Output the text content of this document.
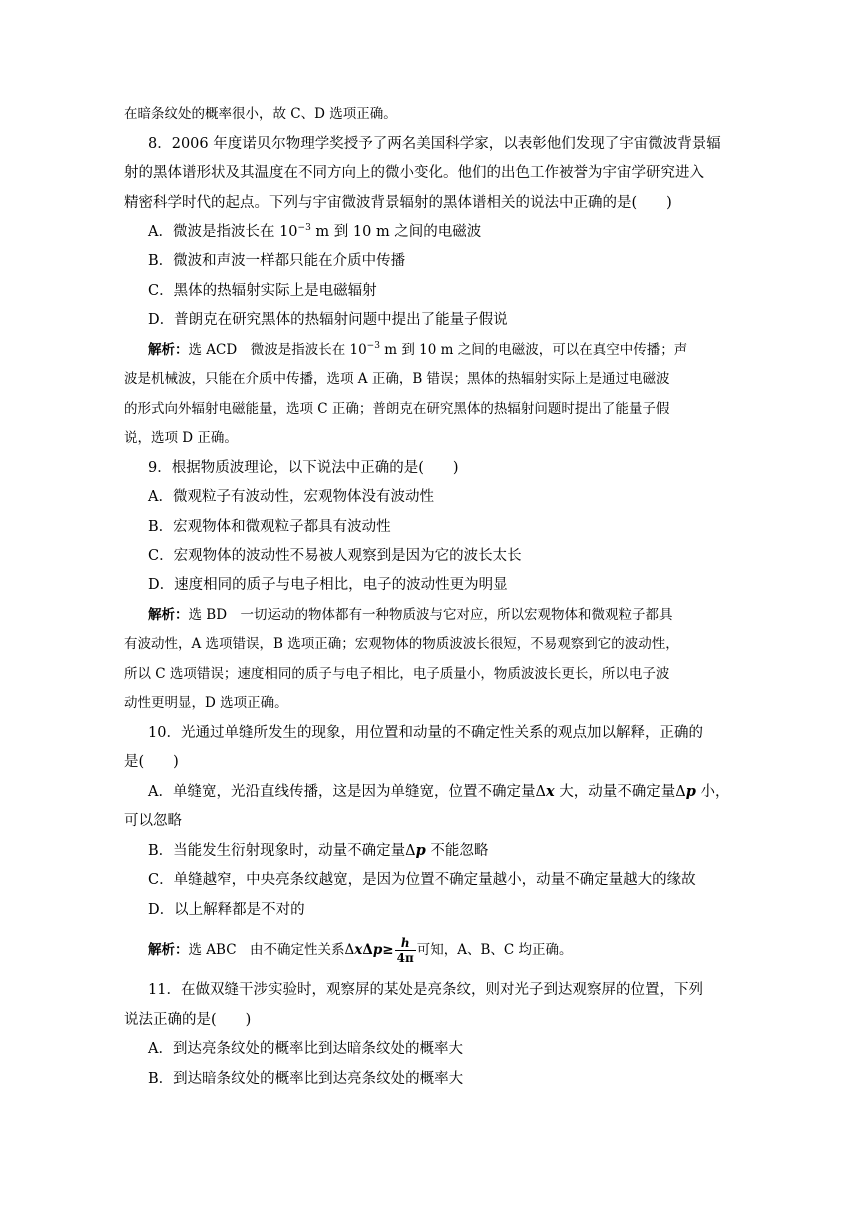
在暗条纹处的概率很小，故 C、D 选项正确。
8．2006 年度诺贝尔物理学奖授予了两名美国科学家，以表彰他们发现了宇宙微波背景辐
射的黑体谱形状及其温度在不同方向上的微小变化。他们的出色工作被誉为宇宙学研究进入
精密科学时代的起点。下列与宇宙微波背景辐射的黑体谱相关的说法中正确的是(　　)
A．微波是指波长在 $10^{-3}$ m 到 10 m 之间的电磁波
B．微波和声波一样都只能在介质中传播
C．黑体的热辐射实际上是电磁辐射
D．普朗克在研究黑体的热辐射问题中提出了能量子假说
解析：选 ACD　微波是指波长在 $10^{-3}$ m 到 10 m 之间的电磁波，可以在真空中传播；声
波是机械波，只能在介质中传播，选项 A 正确，B 错误；黑体的热辐射实际上是通过电磁波
的形式向外辐射电磁能量，选项 C 正确；普朗克在研究黑体的热辐射问题时提出了能量子假
说，选项 D 正确。
9．根据物质波理论，以下说法中正确的是(　　)
A．微观粒子有波动性，宏观物体没有波动性
B．宏观物体和微观粒子都具有波动性
C．宏观物体的波动性不易被人观察到是因为它的波长太长
D．速度相同的质子与电子相比，电子的波动性更为明显
解析：选 BD　一切运动的物体都有一种物质波与它对应，所以宏观物体和微观粒子都具
有波动性，A 选项错误，B 选项正确；宏观物体的物质波波长很短，不易观察到它的波动性，
所以 C 选项错误；速度相同的质子与电子相比，电子质量小，物质波波长更长，所以电子波
动性更明显，D 选项正确。
10．光通过单缝所发生的现象，用位置和动量的不确定性关系的观点加以解释，正确的
是(　　)
A．单缝宽，光沿直线传播，这是因为单缝宽，位置不确定量Δx 大，动量不确定量Δp 小，
可以忽略
B．当能发生衍射现象时，动量不确定量Δp 不能忽略
C．单缝越窄，中央亮条纹越宽，是因为位置不确定量越小，动量不确定量越大的缘故
D．以上解释都是不对的
解析：选 ABC　由不确定性关系$\Delta x\Delta p\ge \frac{h}{4\pi}$ 可知，A、B、C 均正确。
11．在做双缝干涉实验时，观察屏的某处是亮条纹，则对光子到达观察屏的位置，下列
说法正确的是(　　)
A．到达亮条纹处的概率比到达暗条纹处的概率大
B．到达暗条纹处的概率比到达亮条纹处的概率大
